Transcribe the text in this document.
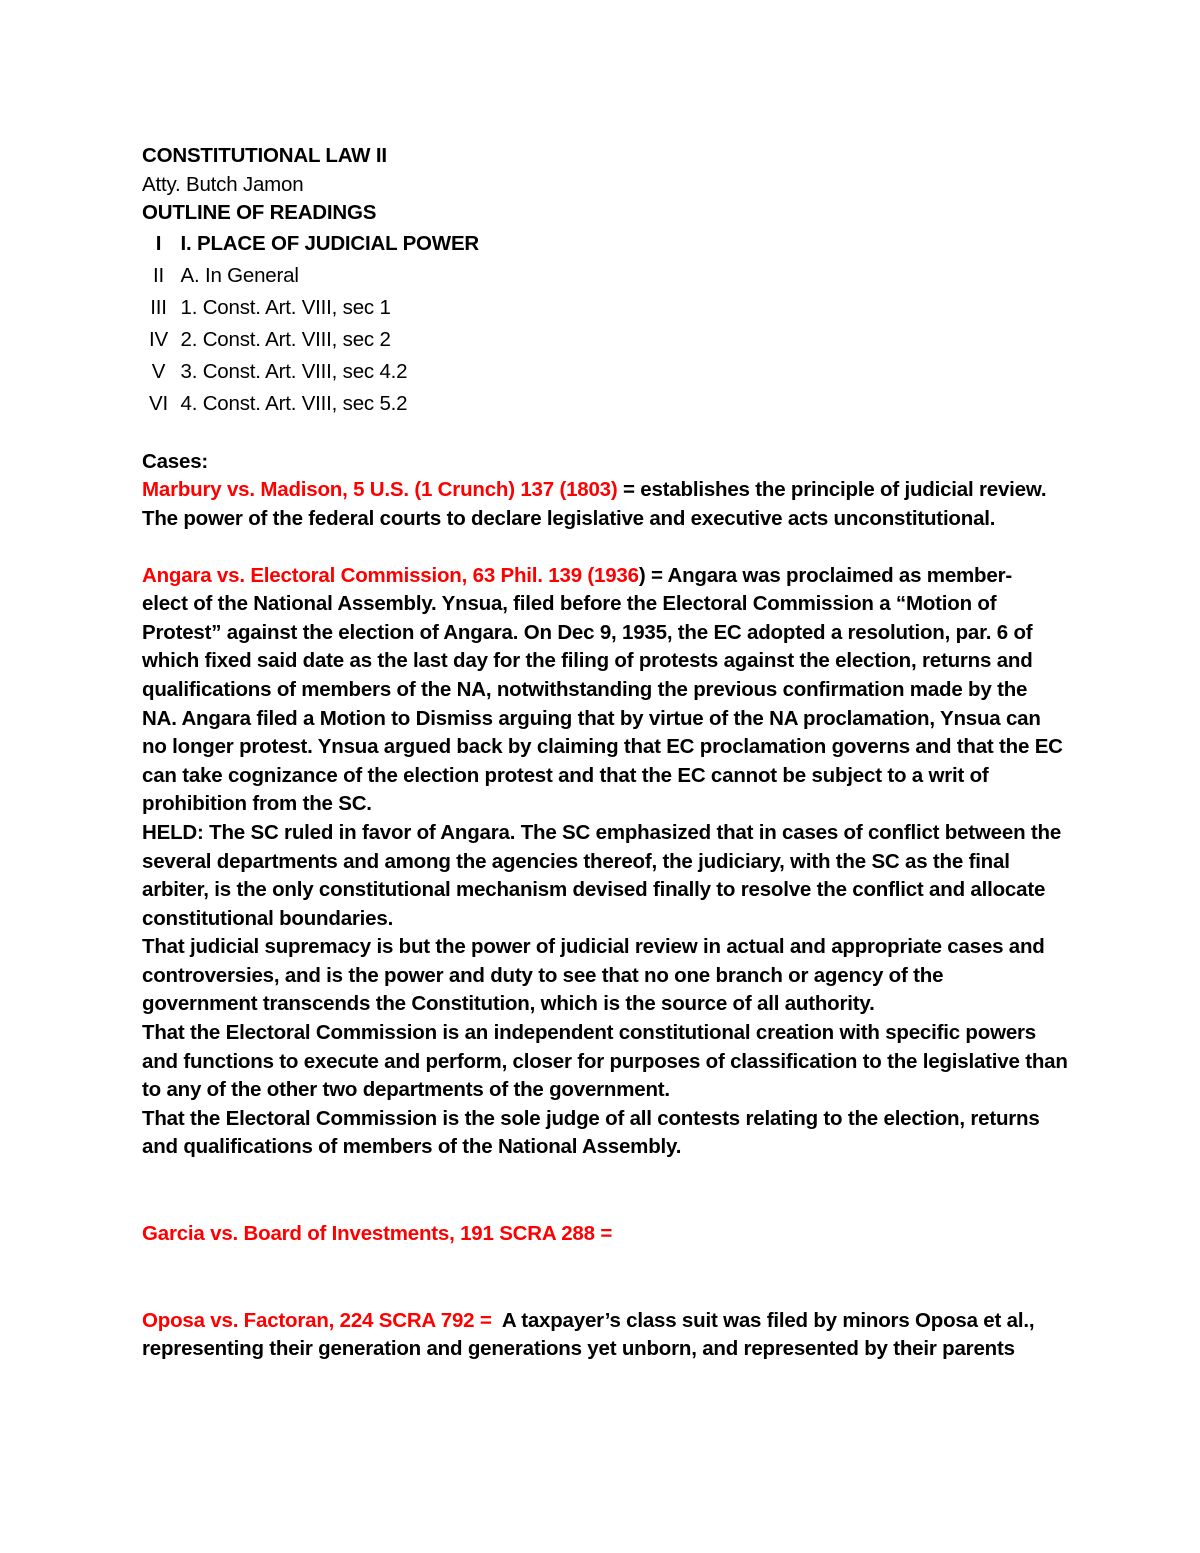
CONSTITUTIONAL LAW II
Atty. Butch Jamon
OUTLINE OF READINGS
I I. PLACE OF JUDICIAL POWER
II A. In General
III 1. Const. Art. VIII, sec 1
IV 2. Const. Art. VIII, sec 2
V 3. Const. Art. VIII, sec 4.2
VI 4. Const. Art. VIII, sec 5.2
Cases:
Marbury vs. Madison, 5 U.S. (1 Crunch) 137 (1803) = establishes the principle of judicial review.
The power of the federal courts to declare legislative and executive acts unconstitutional.
Angara vs. Electoral Commission, 63 Phil. 139 (1936) = Angara was proclaimed as member-
elect of the National Assembly. Ynsua, filed before the Electoral Commission a “Motion of
Protest” against the election of Angara. On Dec 9, 1935, the EC adopted a resolution, par. 6 of
which fixed said date as the last day for the filing of protests against the election, returns and
qualifications of members of the NA, notwithstanding the previous confirmation made by the
NA. Angara filed a Motion to Dismiss arguing that by virtue of the NA proclamation, Ynsua can
no longer protest. Ynsua argued back by claiming that EC proclamation governs and that the EC
can take cognizance of the election protest and that the EC cannot be subject to a writ of
prohibition from the SC.
HELD: The SC ruled in favor of Angara. The SC emphasized that in cases of conflict between the
several departments and among the agencies thereof, the judiciary, with the SC as the final
arbiter, is the only constitutional mechanism devised finally to resolve the conflict and allocate
constitutional boundaries.
That judicial supremacy is but the power of judicial review in actual and appropriate cases and
controversies, and is the power and duty to see that no one branch or agency of the
government transcends the Constitution, which is the source of all authority.
That the Electoral Commission is an independent constitutional creation with specific powers
and functions to execute and perform, closer for purposes of classification to the legislative than
to any of the other two departments of the government.
That the Electoral Commission is the sole judge of all contests relating to the election, returns
and qualifications of members of the National Assembly.
Garcia vs. Board of Investments, 191 SCRA 288 =
Oposa vs. Factoran, 224 SCRA 792 =  A taxpayer’s class suit was filed by minors Oposa et al.,
representing their generation and generations yet unborn, and represented by their parents
